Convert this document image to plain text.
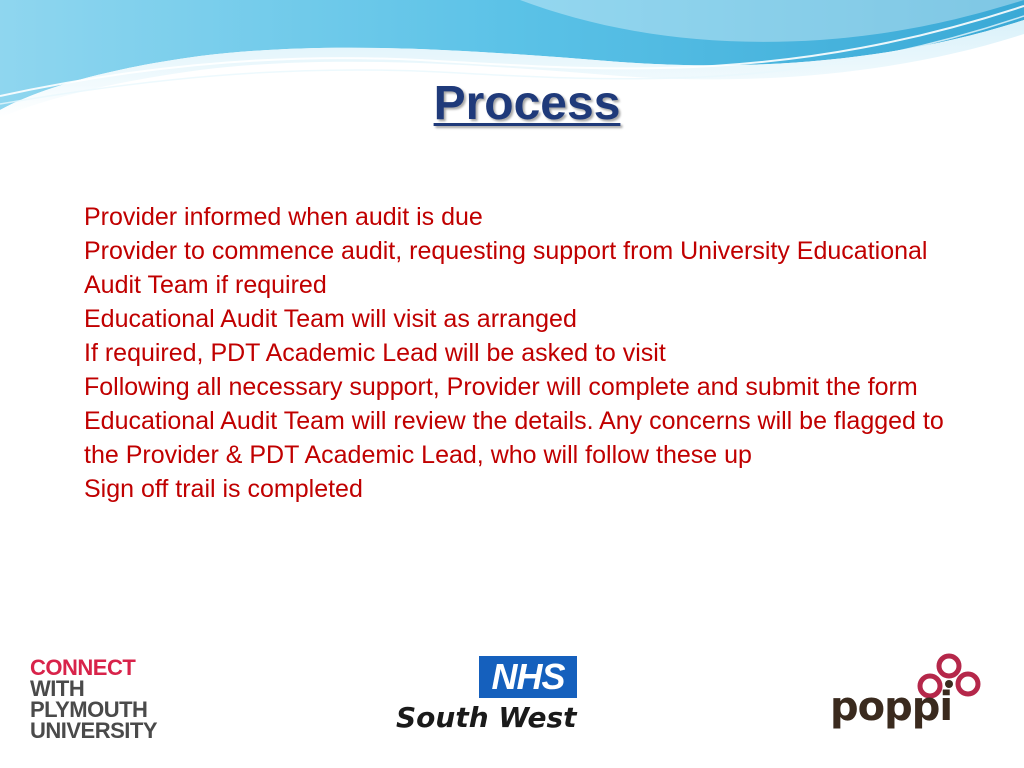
Process
Provider informed when audit is due
Provider to commence audit, requesting support from University Educational Audit Team if required
Educational Audit Team will visit as arranged
If required, PDT Academic Lead will be asked to visit
Following all necessary support, Provider will complete and submit the form
Educational Audit Team will review the details. Any concerns will be flagged to the Provider & PDT Academic Lead, who will follow these up
Sign off trail is completed
CONNECT
WITH
PLYMOUTH
UNIVERSITY
NHS
South West	poppi
